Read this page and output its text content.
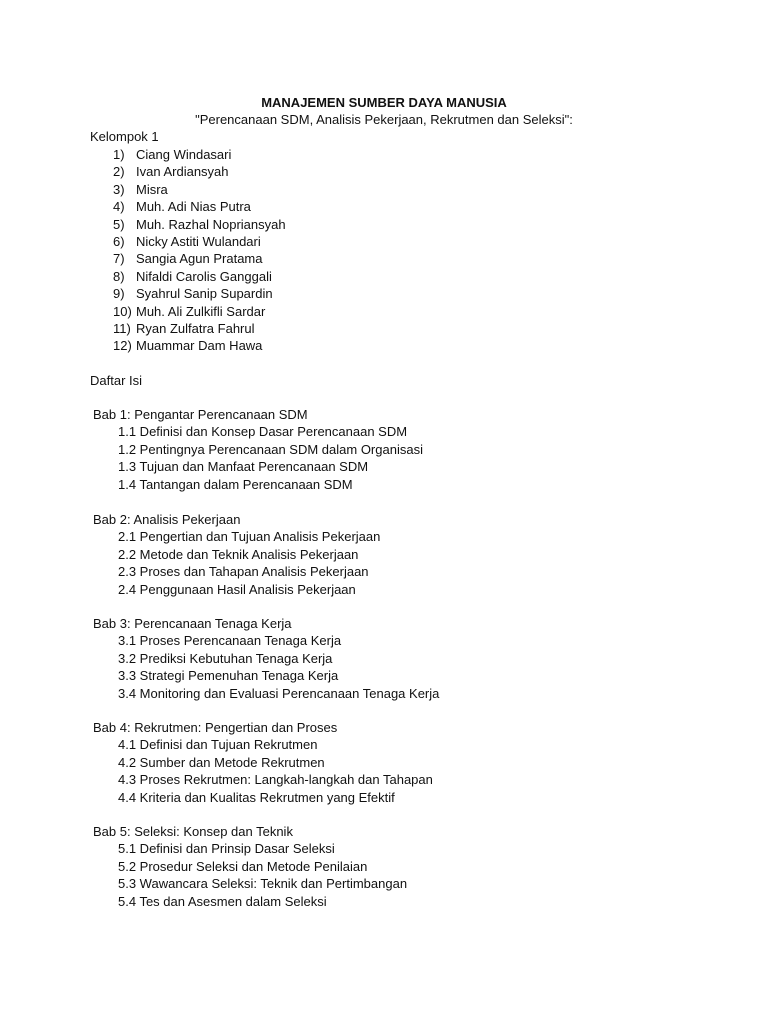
MANAJEMEN SUMBER DAYA MANUSIA
"Perencanaan SDM, Analisis Pekerjaan, Rekrutmen dan Seleksi":
Kelompok 1
1) Ciang Windasari
2) Ivan Ardiansyah
3) Misra
4) Muh. Adi Nias Putra
5) Muh. Razhal Nopriansyah
6) Nicky Astiti Wulandari
7) Sangia Agun Pratama
8) Nifaldi Carolis Ganggali
9) Syahrul Sanip Supardin
10) Muh. Ali Zulkifli Sardar
11) Ryan Zulfatra Fahrul
12) Muammar Dam Hawa
Daftar Isi
Bab 1: Pengantar Perencanaan SDM
1.1 Definisi dan Konsep Dasar Perencanaan SDM
1.2 Pentingnya Perencanaan SDM dalam Organisasi
1.3 Tujuan dan Manfaat Perencanaan SDM
1.4 Tantangan dalam Perencanaan SDM
Bab 2: Analisis Pekerjaan
2.1 Pengertian dan Tujuan Analisis Pekerjaan
2.2 Metode dan Teknik Analisis Pekerjaan
2.3 Proses dan Tahapan Analisis Pekerjaan
2.4 Penggunaan Hasil Analisis Pekerjaan
Bab 3: Perencanaan Tenaga Kerja
3.1 Proses Perencanaan Tenaga Kerja
3.2 Prediksi Kebutuhan Tenaga Kerja
3.3 Strategi Pemenuhan Tenaga Kerja
3.4 Monitoring dan Evaluasi Perencanaan Tenaga Kerja
Bab 4: Rekrutmen: Pengertian dan Proses
4.1 Definisi dan Tujuan Rekrutmen
4.2 Sumber dan Metode Rekrutmen
4.3 Proses Rekrutmen: Langkah-langkah dan Tahapan
4.4 Kriteria dan Kualitas Rekrutmen yang Efektif
Bab 5: Seleksi: Konsep dan Teknik
5.1 Definisi dan Prinsip Dasar Seleksi
5.2 Prosedur Seleksi dan Metode Penilaian
5.3 Wawancara Seleksi: Teknik dan Pertimbangan
5.4 Tes dan Asesmen dalam Seleksi
